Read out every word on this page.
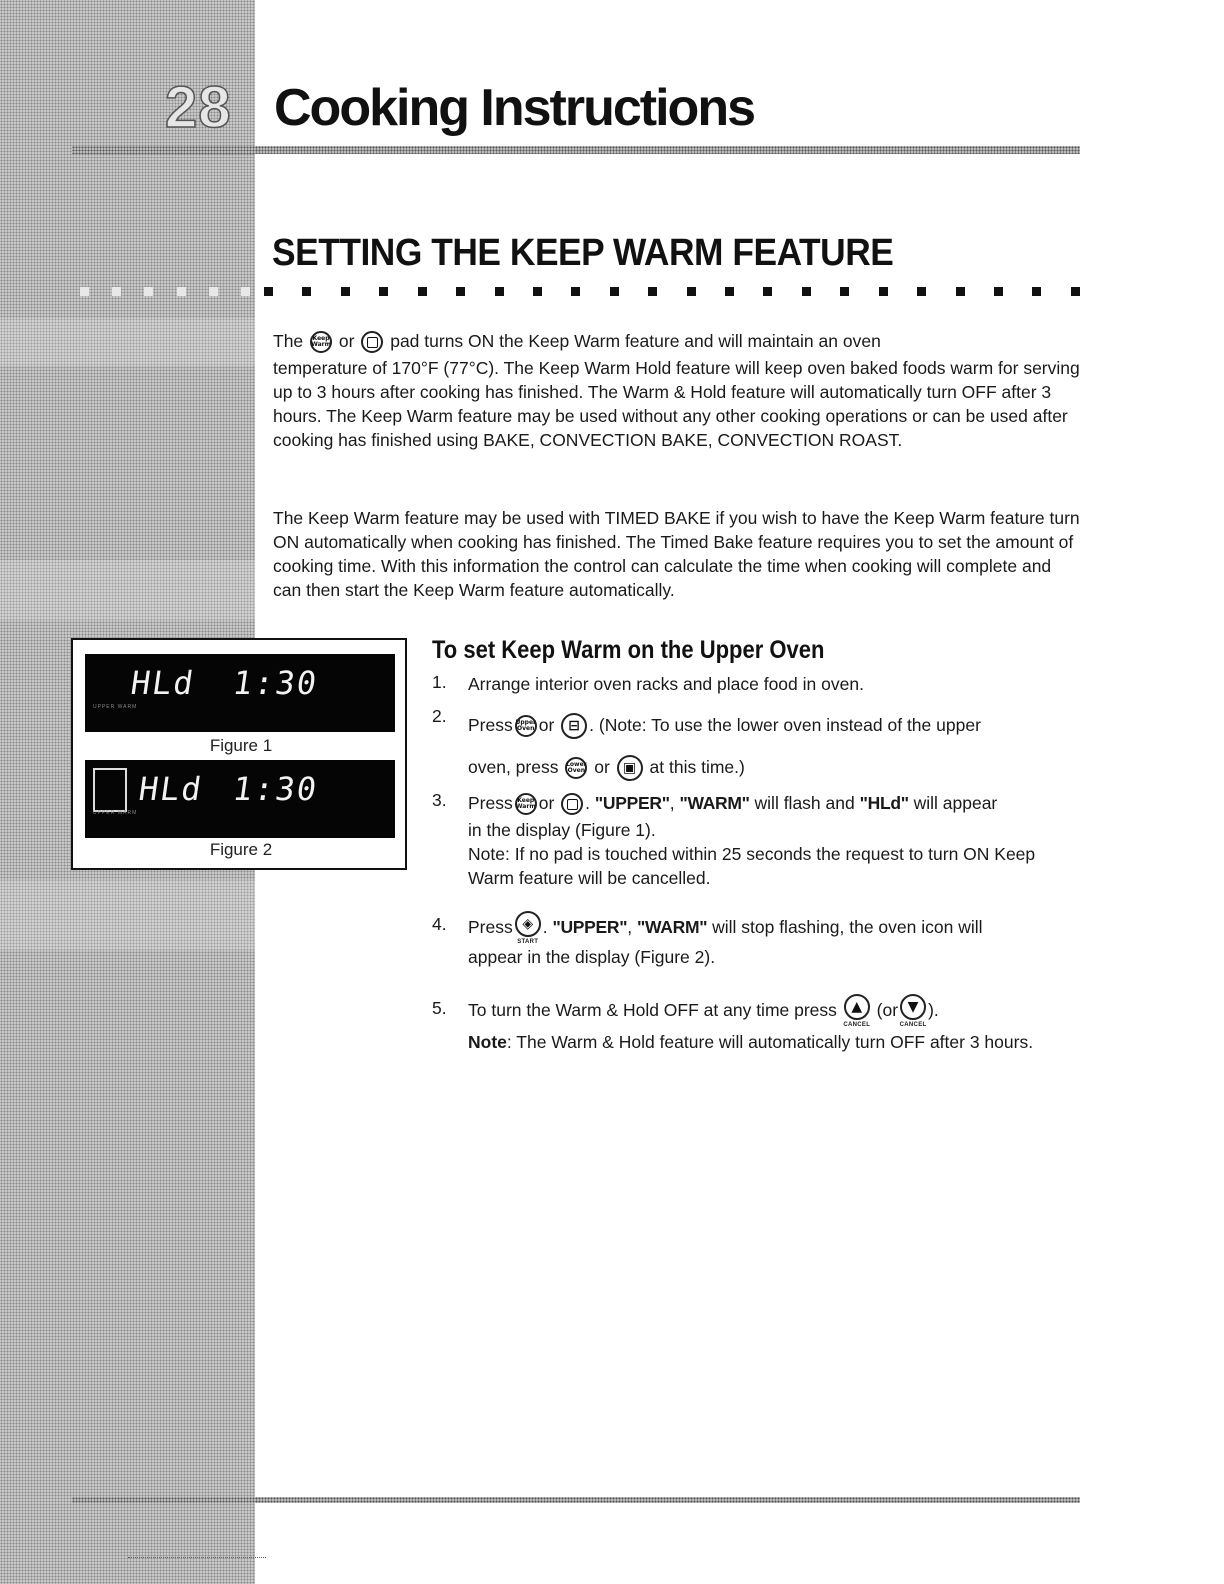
28 Cooking Instructions
SETTING THE KEEP WARM FEATURE
The Keep Warm or pad turns ON the Keep Warm feature and will maintain an oven
temperature of 170°F (77°C). The Keep Warm Hold feature will keep oven baked foods warm for serving up to 3 hours after cooking has finished. The Warm & Hold feature will automatically turn OFF after 3 hours. The Keep Warm feature may be used without any other cooking operations or can be used after cooking has finished using BAKE, CONVECTION BAKE, CONVECTION ROAST.

The Keep Warm feature may be used with TIMED BAKE if you wish to have the Keep Warm feature turn ON automatically when cooking has finished. The Timed Bake feature requires you to set the amount of cooking time. With this information the control can calculate the time when cooking will complete and can then start the Keep Warm feature automatically.

HLd 1:30
UPPER WARM
Figure 1
HLd 1:30
UPPER WARM
Figure 2
To set Keep Warm on the Upper Oven
1. Arrange interior oven racks and place food in oven.
2. Press Upper Oven or ⊟ . (Note: To use the lower oven instead of the upper
oven, press Lower Oven or ▣ at this time.)
3. Press Keep Warm or . "UPPER", "WARM" will flash and "HLd" will appear
in the display (Figure 1).
Note: If no pad is touched within 25 seconds the request to turn ON Keep Warm feature will be cancelled.
4. Press ◈
START
. "UPPER", "WARM" will stop flashing, the oven icon will
appear in the display (Figure 2).
5. To turn the Warm & Hold OFF at any time press	▲
CANCEL
(or ▼
CANCEL
).
Note: The Warm & Hold feature will automatically turn OFF after 3 hours.
